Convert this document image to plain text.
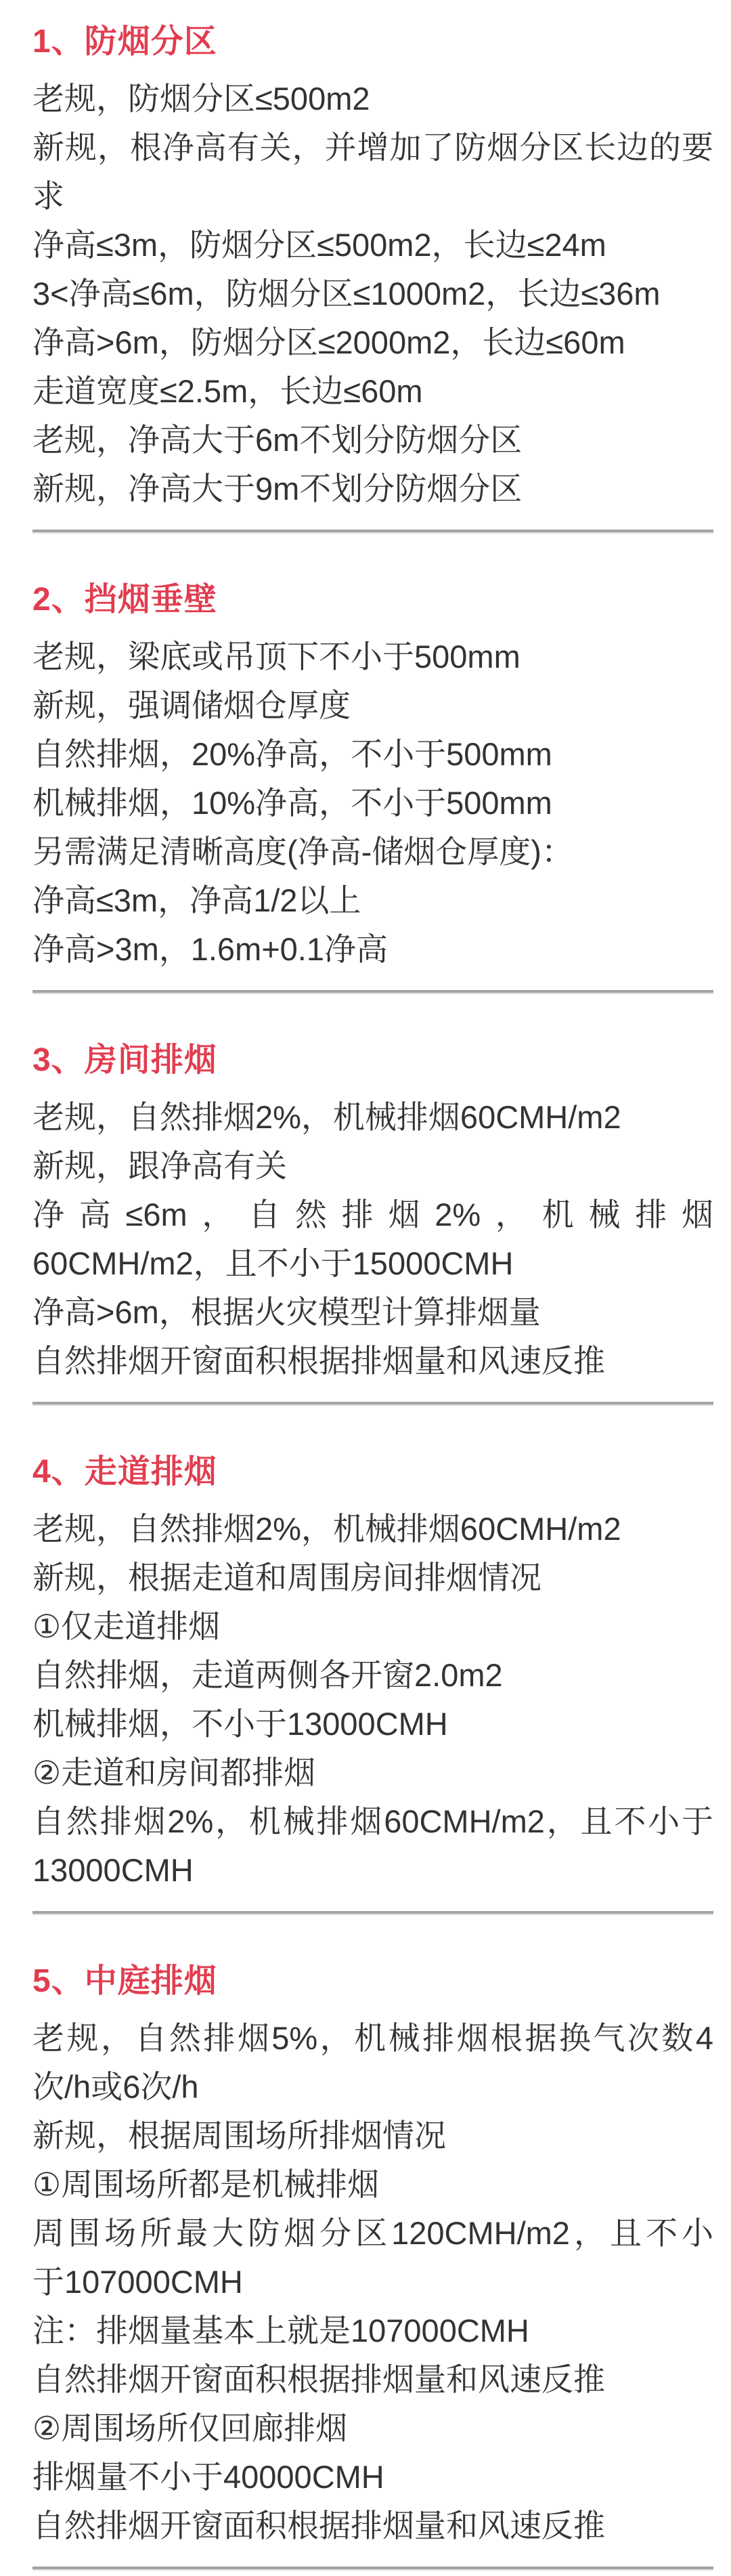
1、防烟分区

老规，防烟分区≤500m2

新规，根净高有关，并增加了防烟分区长边的要

求

净高≤3m，防烟分区≤500m2，长边≤24m

3<净高≤6m，防烟分区≤1000m2，长边≤36m

净高>6m，防烟分区≤2000m2，长边≤60m

走道宽度≤2.5m，长边≤60m

老规，净高大于6m不划分防烟分区

新规，净高大于9m不划分防烟分区

2、挡烟垂壁

老规，梁底或吊顶下不小于500mm

新规，强调储烟仓厚度

自然排烟，20%净高，不小于500mm

机械排烟，10%净高，不小于500mm

另需满足清晰高度(净高-储烟仓厚度)：

净高≤3m，净高1/2以上

净高>3m，1.6m+0.1净高

3、房间排烟

老规，自然排烟2%，机械排烟60CMH/m2

新规，跟净高有关

净高≤6m，自然排烟2%，机械排烟

60CMH/m2，且不小于15000CMH

净高>6m，根据火灾模型计算排烟量

自然排烟开窗面积根据排烟量和风速反推

4、走道排烟

老规，自然排烟2%，机械排烟60CMH/m2

新规，根据走道和周围房间排烟情况

①仅走道排烟

自然排烟，走道两侧各开窗2.0m2

机械排烟，不小于13000CMH

②走道和房间都排烟

自然排烟2%，机械排烟60CMH/m2，且不小于

13000CMH

5、中庭排烟

老规，自然排烟5%，机械排烟根据换气次数4

次/h或6次/h

新规，根据周围场所排烟情况

①周围场所都是机械排烟

周围场所最大防烟分区120CMH/m2，且不小

于107000CMH

注：排烟量基本上就是107000CMH

自然排烟开窗面积根据排烟量和风速反推

②周围场所仅回廊排烟

排烟量不小于40000CMH

自然排烟开窗面积根据排烟量和风速反推
